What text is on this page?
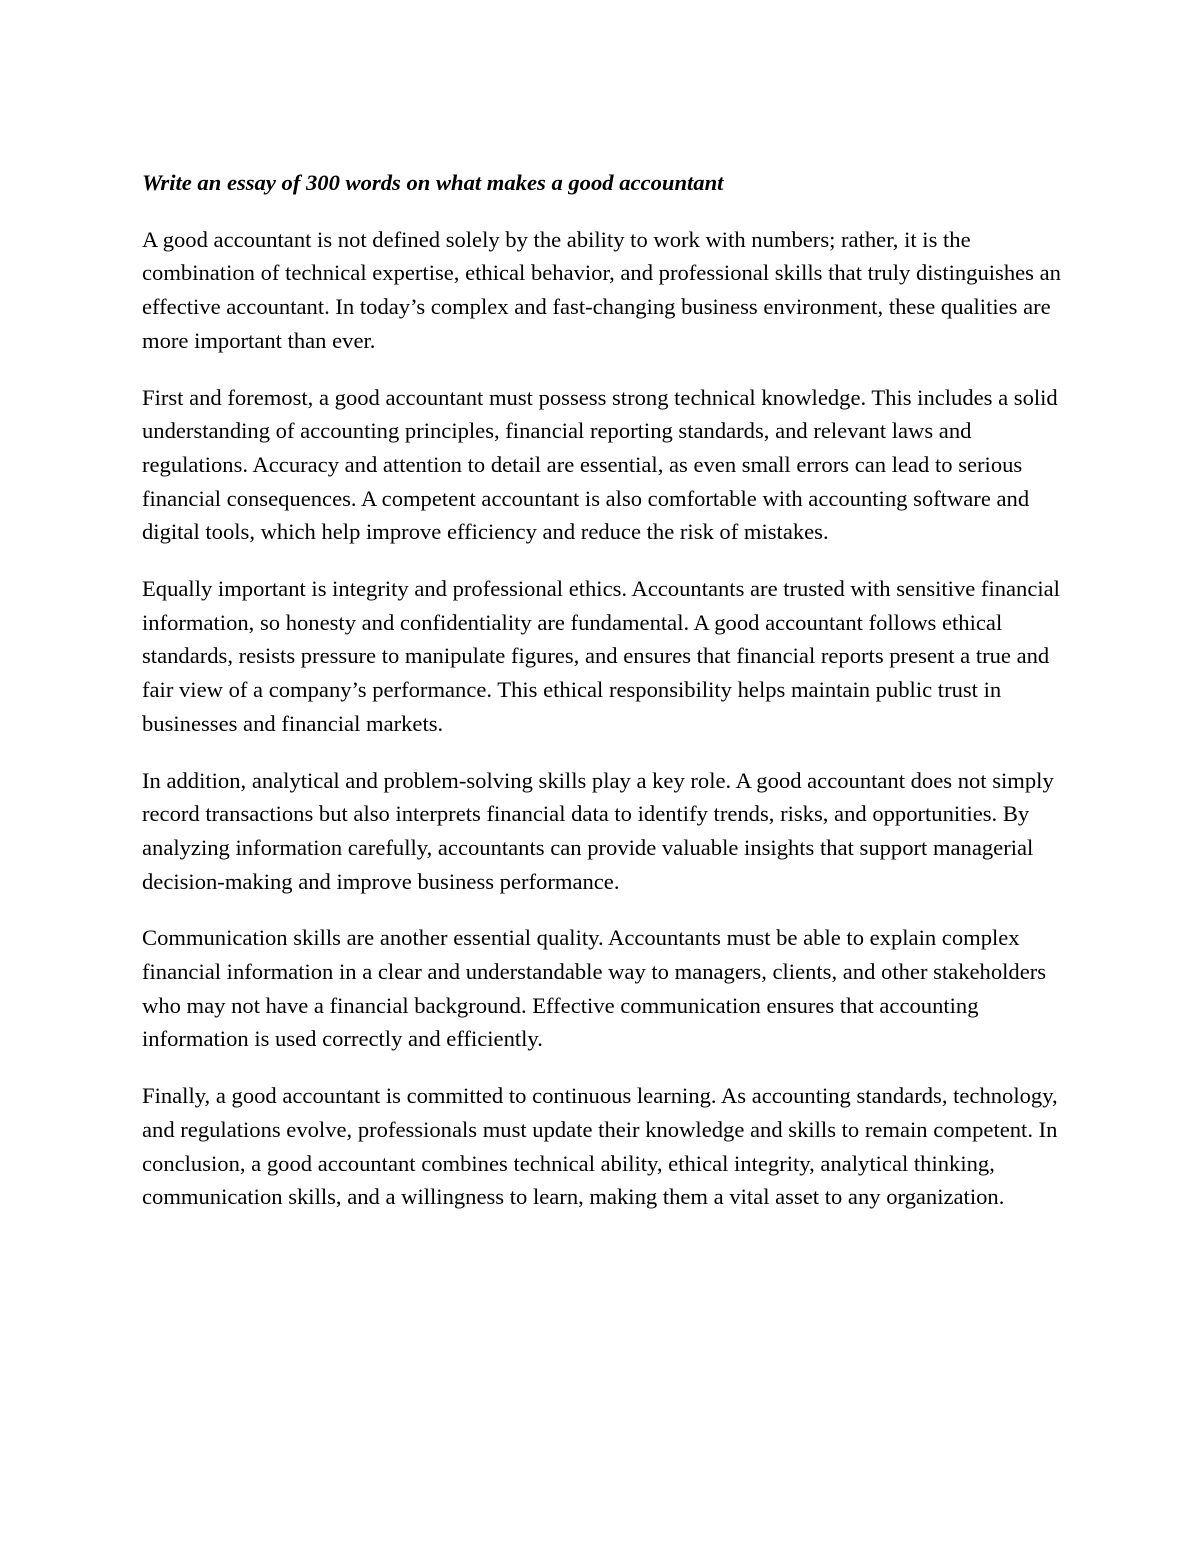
Write an essay of 300 words on what makes a good accountant

A good accountant is not defined solely by the ability to work with numbers; rather, it is the combination of technical expertise, ethical behavior, and professional skills that truly distinguishes an effective accountant. In today’s complex and fast-changing business environment, these qualities are more important than ever.

First and foremost, a good accountant must possess strong technical knowledge. This includes a solid understanding of accounting principles, financial reporting standards, and relevant laws and regulations. Accuracy and attention to detail are essential, as even small errors can lead to serious financial consequences. A competent accountant is also comfortable with accounting software and digital tools, which help improve efficiency and reduce the risk of mistakes.

Equally important is integrity and professional ethics. Accountants are trusted with sensitive financial information, so honesty and confidentiality are fundamental. A good accountant follows ethical standards, resists pressure to manipulate figures, and ensures that financial reports present a true and fair view of a company’s performance. This ethical responsibility helps maintain public trust in businesses and financial markets.

In addition, analytical and problem-solving skills play a key role. A good accountant does not simply record transactions but also interprets financial data to identify trends, risks, and opportunities. By analyzing information carefully, accountants can provide valuable insights that support managerial decision-making and improve business performance.

Communication skills are another essential quality. Accountants must be able to explain complex financial information in a clear and understandable way to managers, clients, and other stakeholders who may not have a financial background. Effective communication ensures that accounting information is used correctly and efficiently.

Finally, a good accountant is committed to continuous learning. As accounting standards, technology, and regulations evolve, professionals must update their knowledge and skills to remain competent. In conclusion, a good accountant combines technical ability, ethical integrity, analytical thinking, communication skills, and a willingness to learn, making them a vital asset to any organization.
